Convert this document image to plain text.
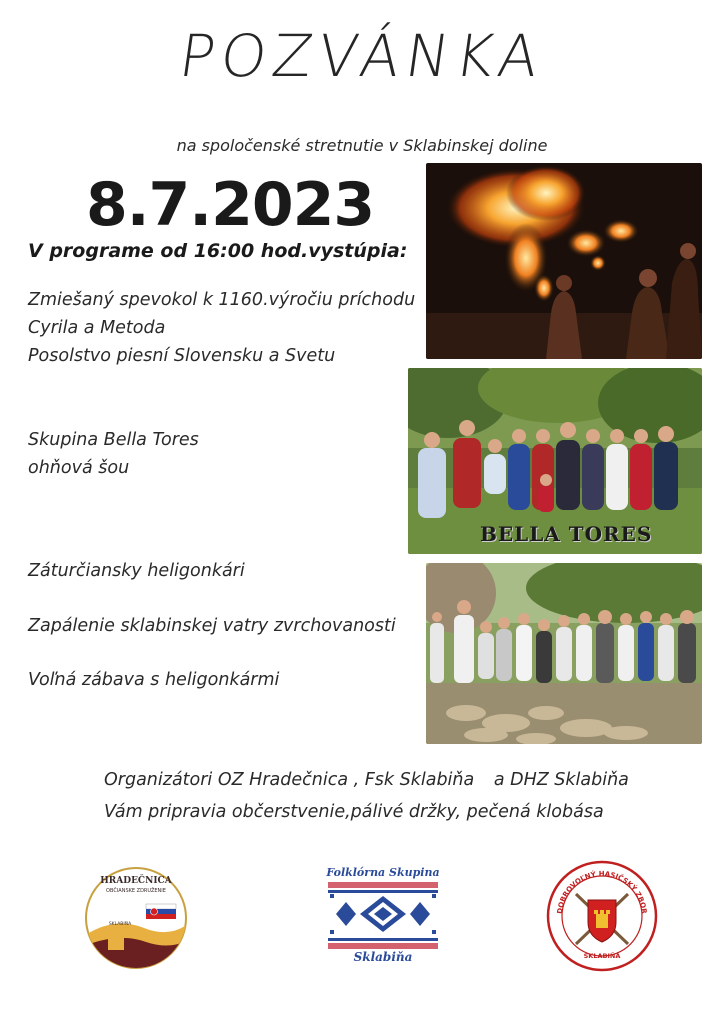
POZVÁNKA
na spoločenské stretnutie v Sklabinskej doline
8.7.2023
V programe od 16:00 hod.vystúpia:
Zmiešaný spevokol k 1160.výročiu príchodu
Cyrila a Metoda
Posolstvo piesní Slovensku a Svetu
Skupina Bella Tores
ohňová šou
Záturčiansky heligonkári
Zapálenie sklabinskej vatry zvrchovanosti
Voľná zábava s heligonkármi
BELLA TORES
Organizátori OZ Hradečnica , Fsk Sklabiňa a DHZ Sklabiňa
Vám pripravia občerstvenie,pálivé držky, pečená klobása
HRADEČNICA
OBČIANSKE ZDRUŽENIE
SKLABIŇA
Folklórna Skupina
Sklabiňa
DOBROVOĽNÝ HASIČSKÝ ZBOR
SKLABIŇA
